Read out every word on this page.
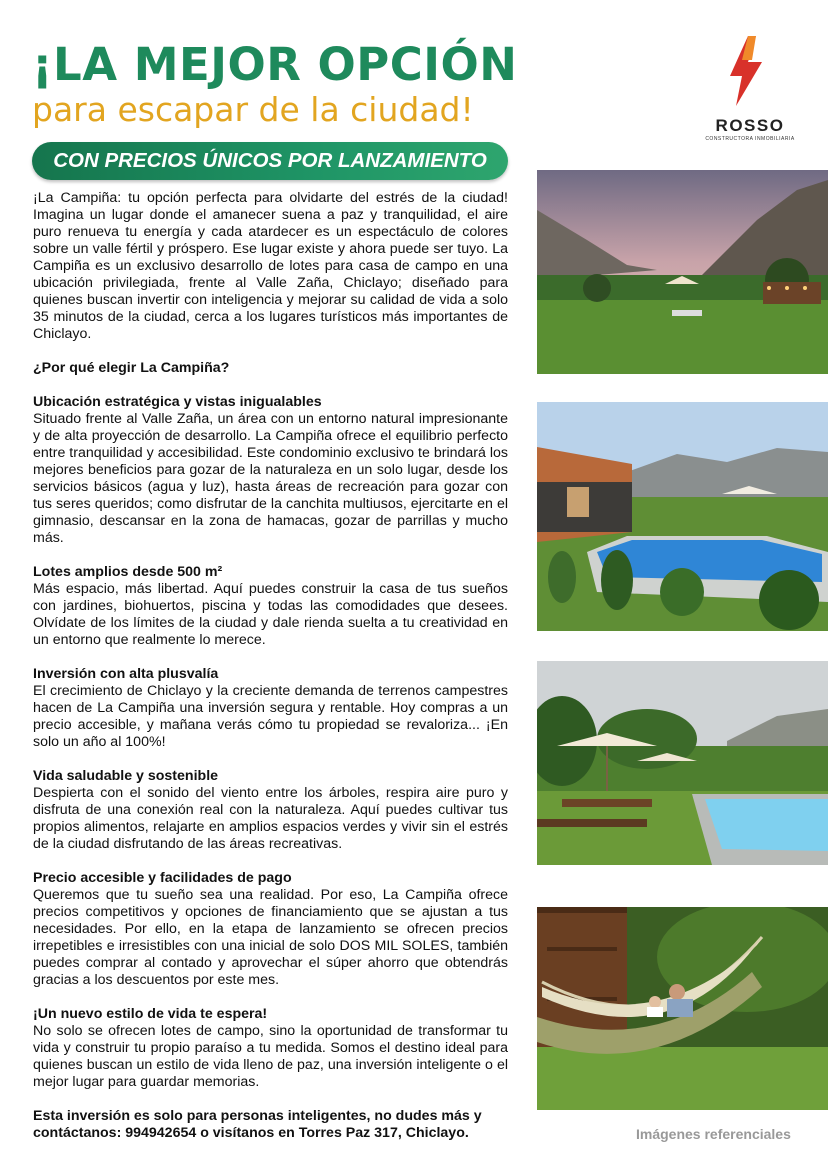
¡LA MEJOR OPCIÓN
para escapar de la ciudad!	ROSSO
CONSTRUCTORA INMOBILIARIA
CON PRECIOS ÚNICOS POR LANZAMIENTO

¡La Campiña: tu opción perfecta para olvidarte del estrés de la ciudad! Imagina un lugar donde el amanecer suena a paz y tranquilidad, el aire puro renueva tu energía y cada atardecer es un espectáculo de colores sobre un valle fértil y próspero. Ese lugar existe y ahora puede ser tuyo. La Campiña es un exclusivo desarrollo de lotes para casa de campo en una ubicación privilegiada, frente al Valle Zaña, Chiclayo; diseñado para quienes buscan invertir con inteligencia y mejorar su calidad de vida a solo 35 minutos de la ciudad, cerca a los lugares turísticos más importantes de Chiclayo.

¿Por qué elegir La Campiña?
Ubicación estratégica y vistas inigualables

Situado frente al Valle Zaña, un área con un entorno natural impresionante y de alta proyección de desarrollo. La Campiña ofrece el equilibrio perfecto entre tranquilidad y accesibilidad. Este condominio exclusivo te brindará los mejores beneficios para gozar de la naturaleza en un solo lugar, desde los servicios básicos (agua y luz), hasta áreas de recreación para gozar con tus seres queridos; como disfrutar de la canchita multiusos, ejercitarte en el gimnasio, descansar en la zona de hamacas, gozar de parrillas y mucho más.

Lotes amplios desde 500 m²

Más espacio, más libertad. Aquí puedes construir la casa de tus sueños con jardines, biohuertos, piscina y todas las comodidades que desees. Olvídate de los límites de la ciudad y dale rienda suelta a tu creatividad en un entorno que realmente lo merece.

Inversión con alta plusvalía

El crecimiento de Chiclayo y la creciente demanda de terrenos campestres hacen de La Campiña una inversión segura y rentable. Hoy compras a un precio accesible, y mañana verás cómo tu propiedad se revaloriza... ¡En solo un año al 100%!

Vida saludable y sostenible

Despierta con el sonido del viento entre los árboles, respira aire puro y disfruta de una conexión real con la naturaleza. Aquí puedes cultivar tus propios alimentos, relajarte en amplios espacios verdes y vivir sin el estrés de la ciudad disfrutando de las áreas recreativas.

Precio accesible y facilidades de pago

Queremos que tu sueño sea una realidad. Por eso, La Campiña ofrece precios competitivos y opciones de financiamiento que se ajustan a tus necesidades. Por ello, en la etapa de lanzamiento se ofrecen precios irrepetibles e irresistibles con una inicial de solo DOS MIL SOLES, también puedes comprar al contado y aprovechar el súper ahorro que obtendrás gracias a los descuentos por este mes.

¡Un nuevo estilo de vida te espera!

No solo se ofrecen lotes de campo, sino la oportunidad de transformar tu vida y construir tu propio paraíso a tu medida. Somos el destino ideal para quienes buscan un estilo de vida lleno de paz, una inversión inteligente o el mejor lugar para guardar memorias.

Esta inversión es solo para personas inteligentes, no dudes más y contáctanos: 994942654 o visítanos en Torres Paz 317, Chiclayo.	Imágenes referenciales
